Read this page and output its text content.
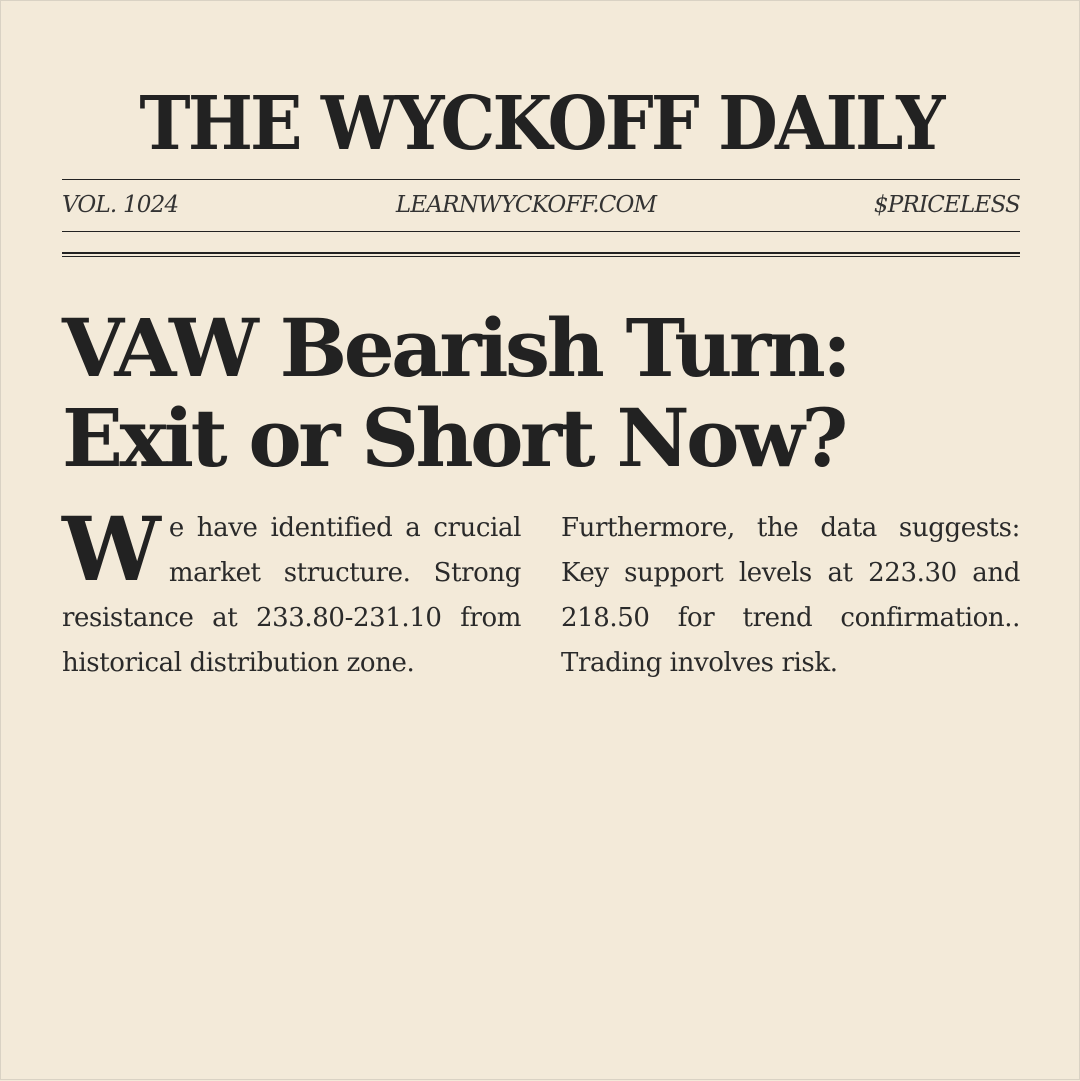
THE WYCKOFF DAILY
VOL. 1024	LEARNWYCKOFF.COM	$PRICELESS
VAW Bearish Turn:
Exit or Short Now?
We have identified a crucial market structure. Strong resistance at 233.80-231.10 from historical distribution zone.
Furthermore, the data suggests: Key support levels at 223.30 and 218.50 for trend confirmation.. Trading involves risk.
